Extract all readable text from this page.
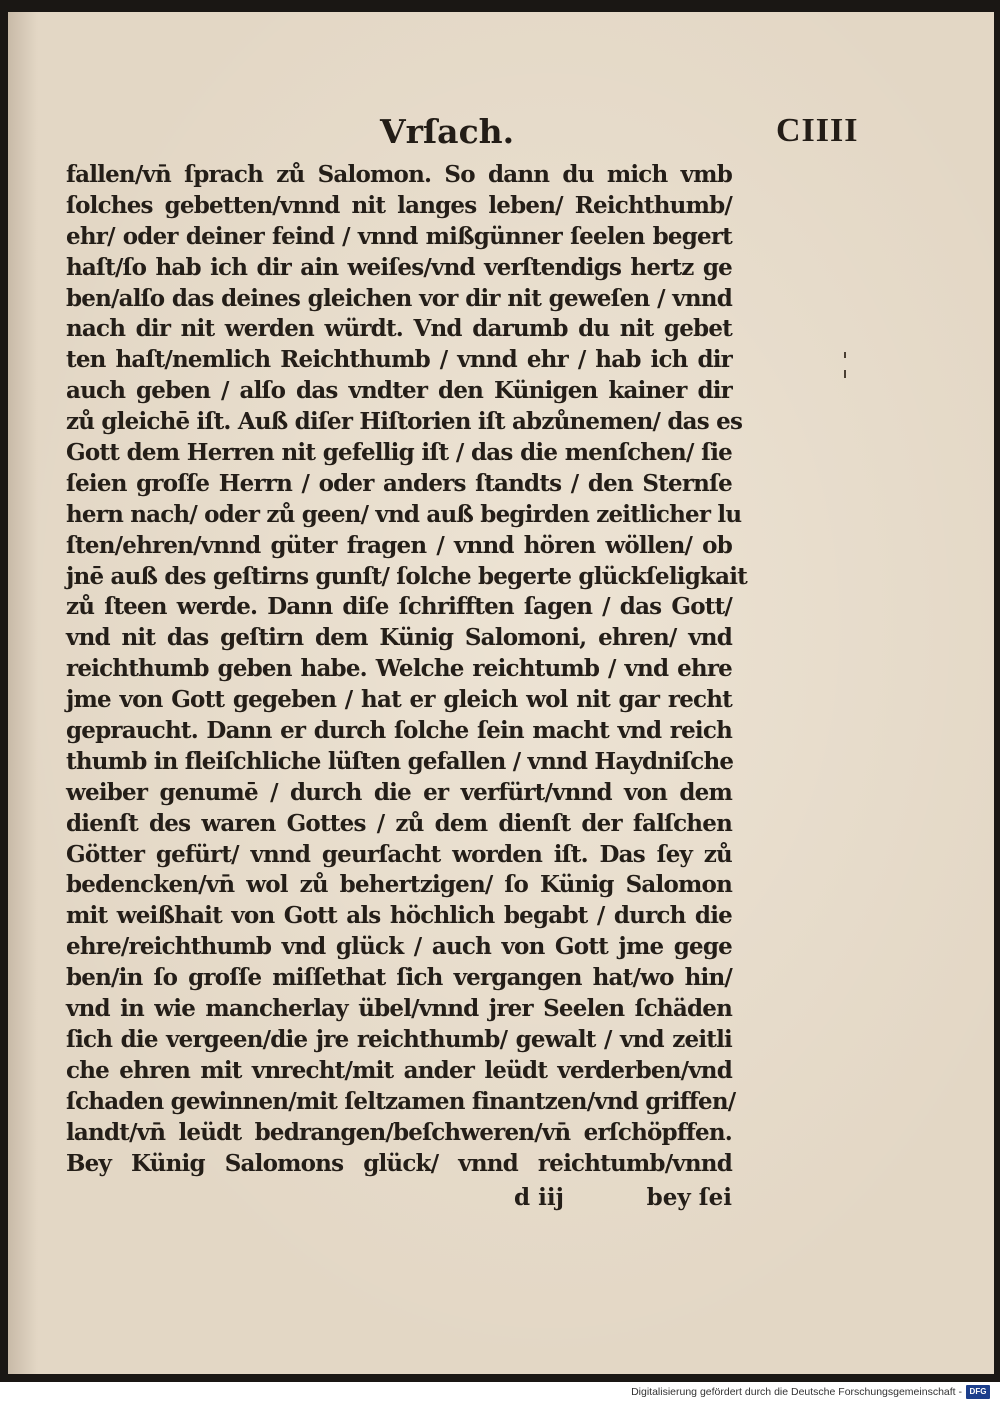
Vrſach.	CIIII
fallen/vn̄ ſprach zů Salomon. So dann du mich vmb
ſolches gebetten/vnnd nit langes leben/ Reichthumb/
ehr/ oder deiner feind / vnnd mißgünner ſeelen begert
haſt/ſo hab ich dir ain weiſes/vnd verſtendigs hertz ge
ben/alſo das deines gleichen vor dir nit geweſen / vnnd
nach dir nit werden würdt. Vnd darumb du nit gebet
ten haſt/nemlich Reichthumb / vnnd ehr / hab ich dir
auch geben / alſo das vndter den Künigen kainer dir
zů gleichē iſt. Auß diſer Hiſtorien iſt abzůnemen/ das es
Gott dem Herren nit gefellig iſt / das die menſchen/ ſie
ſeien groſſe Herrn / oder anders ſtandts / den Sternſe
hern nach/ oder zů geen/ vnd auß begirden zeitlicher lu
ſten/ehren/vnnd güter fragen / vnnd hören wöllen/ ob
jnē auß des geſtirns gunſt/ ſolche begerte glückſeligkait
zů ſteen werde. Dann diſe ſchrifften ſagen / das Gott/
vnd nit das geſtirn dem Künig Salomoni, ehren/ vnd
reichthumb geben habe. Welche reichtumb / vnd ehre
jme von Gott gegeben / hat er gleich wol nit gar recht
gepraucht. Dann er durch ſolche ſein macht vnd reich
thumb in fleiſchliche lüſten gefallen / vnnd Haydniſche
weiber genumē / durch die er verfürt/vnnd von dem
dienſt des waren Gottes / zů dem dienſt der falſchen
Götter gefürt/ vnnd geurſacht worden iſt. Das ſey zů
bedencken/vn̄ wol zů behertzigen/ ſo Künig Salomon
mit weißhait von Gott als höchlich begabt / durch die
ehre/reichthumb vnd glück / auch von Gott jme gege
ben/in ſo groſſe miſſethat ſich vergangen hat/wo hin/
vnd in wie mancherlay übel/vnnd jrer Seelen ſchäden
ſich die vergeen/die jre reichthumb/ gewalt / vnd zeitli
che ehren mit vnrecht/mit ander leüdt verderben/vnd
ſchaden gewinnen/mit ſeltzamen finantzen/vnd griffen/
landt/vn̄ leüdt bedrangen/beſchweren/vn̄ erſchöpffen.
Bey Künig Salomons glück/ vnnd reichtumb/vnnd
d iij	bey ſei
Digitalisierung gefördert durch die Deutsche Forschungsgemeinschaft - DFG
